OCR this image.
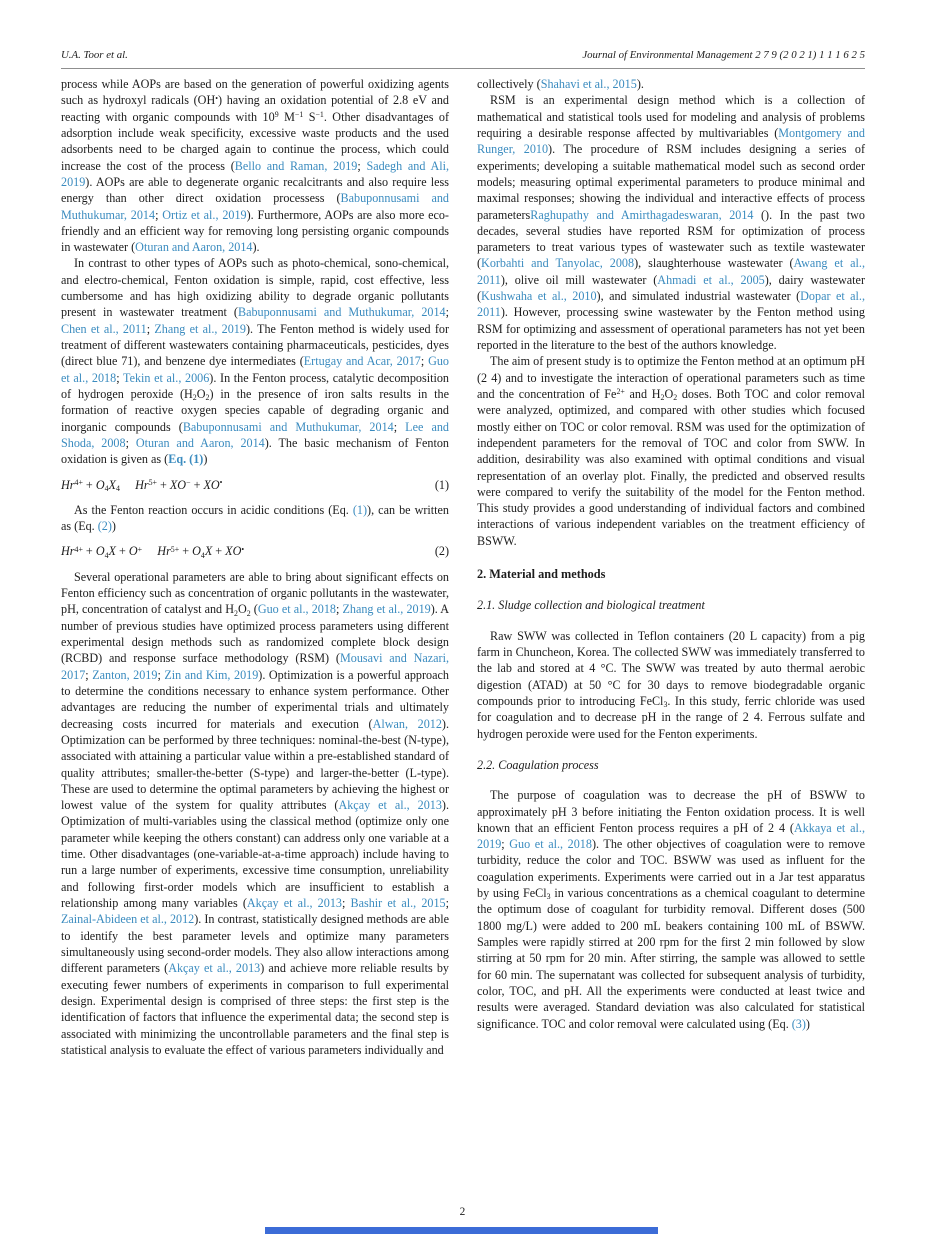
U.A. Toor et al.	Journal of Environmental Management 2 7 9 (2 0 2 1) 1 1 1 6 2 5

process while AOPs are based on the generation of powerful oxidizing agents such as hydroxyl radicals (OH•) having an oxidation potential of 2.8 eV and reacting with organic compounds with $10^9$ $M^{-1}$ $S^{-1}$. Other disadvantages of adsorption include weak specificity, excessive waste products and the used adsorbents need to be charged again to continue the process, which could increase the cost of the process (Bello and Raman, 2019; Sadegh and Ali, 2019). AOPs are able to degenerate organic recalcitrants and also require less energy than other direct oxidation processess (Babuponnusami and Muthukumar, 2014; Ortiz et al., 2019). Furthermore, AOPs are also more eco-friendly and an efficient way for removing long persisting organic compounds in wastewater (Oturan and Aaron, 2014).

In contrast to other types of AOPs such as photo-chemical, sono-chemical, and electro-chemical, Fenton oxidation is simple, rapid, cost effective, less cumbersome and has high oxidizing ability to degrade organic pollutants present in wastewater treatment (Babuponnusami and Muthukumar, 2014; Chen et al., 2011; Zhang et al., 2019). The Fenton method is widely used for treatment of different wastewaters containing pharmaceuticals, pesticides, dyes (direct blue 71), and benzene dye intermediates (Ertugay and Acar, 2017; Guo et al., 2018; Tekin et al., 2006). In the Fenton process, catalytic decomposition of hydrogen peroxide (H2O2) in the presence of iron salts results in the formation of reactive oxygen species capable of degrading organic and inorganic compounds (Babuponnusami and Muthukumar, 2014; Lee and Shoda, 2008; Oturan and Aaron, 2014). The basic mechanism of Fenton oxidation is given as (Eq. (1))

$Hr^{4+} + O4X4$ $Hr^{5+} + XO^- + XO^•$	(1)

As the Fenton reaction occurs in acidic conditions (Eq. (1)), can be written as (Eq. (2))

$Hr^{4+} + O4X + O^+$ $Hr^{5+} + O4X + XO^•$	(2)

Several operational parameters are able to bring about significant effects on Fenton efficiency such as concentration of organic pollutants in the wastewater, pH, concentration of catalyst and H2O2 (Guo et al., 2018; Zhang et al., 2019). A number of previous studies have optimized process parameters using different experimental design methods such as randomized complete block design (RCBD) and response surface methodology (RSM) (Mousavi and Nazari, 2017; Zanton, 2019; Zin and Kim, 2019). Optimization is a powerful approach to determine the conditions necessary to enhance system performance. Other advantages are reducing the number of experimental trials and ultimately decreasing costs incurred for materials and execution (Alwan, 2012). Optimization can be performed by three techniques: nominal-the-best (N-type), associated with attaining a particular value within a pre-established standard of quality attributes; smaller-the-better (S-type) and larger-the-better (L-type). These are used to determine the optimal parameters by achieving the highest or lowest value of the system for quality attributes (Akçay et al., 2013). Optimization of multi-variables using the classical method (optimize only one parameter while keeping the others constant) can address only one variable at a time. Other disadvantages (one-variable-at-a-time approach) include having to run a large number of experiments, excessive time consumption, unreliability and following first-order models which are insufficient to establish a relationship among many variables (Akçay et al., 2013; Bashir et al., 2015; Zainal-Abideen et al., 2012). In contrast, statistically designed methods are able to identify the best parameter levels and optimize many parameters simultaneously using second-order models. They also allow interactions among different parameters (Akçay et al., 2013) and achieve more reliable results by executing fewer numbers of experiments in comparison to full experimental design. Experimental design is comprised of three steps: the first step is the identification of factors that influence the experimental data; the second step is associated with minimizing the uncontrollable parameters and the final step is statistical analysis to evaluate the effect of various parameters individually and

collectively (Shahavi et al., 2015).

RSM is an experimental design method which is a collection of mathematical and statistical tools used for modeling and analysis of problems requiring a desirable response affected by multivariables (Montgomery and Runger, 2010). The procedure of RSM includes designing a series of experiments; developing a suitable mathematical model such as second order models; measuring optimal experimental parameters to produce minimal and maximal responses; showing the individual and interactive effects of process parametersRaghupathy and Amirthagadeswaran, 2014 (). In the past two decades, several studies have reported RSM for optimization of process parameters to treat various types of wastewater such as textile wastewater (Korbahti and Tanyolac, 2008), slaughterhouse wastewater (Awang et al., 2011), olive oil mill wastewater (Ahmadi et al., 2005), dairy wastewater (Kushwaha et al., 2010), and simulated industrial wastewater (Dopar et al., 2011). However, processing swine wastewater by the Fenton method using RSM for optimizing and assessment of operational parameters has not yet been reported in the literature to the best of the authors knowledge.

The aim of present study is to optimize the Fenton method at an optimum pH (2 4) and to investigate the interaction of operational parameters such as time and the concentration of $Fe^{2+}$ and H2O2 doses. Both TOC and color removal were analyzed, optimized, and compared with other studies which focused mostly either on TOC or color removal. RSM was used for the optimization of independent parameters for the removal of TOC and color from SWW. In addition, desirability was also examined with optimal conditions and visual representation of an overlay plot. Finally, the predicted and observed results were compared to verify the suitability of the model for the Fenton method. This study provides a good understanding of individual factors and combined interactions of various independent variables on the treatment efficiency of BSWW.

2. Material and methods
2.1. Sludge collection and biological treatment

Raw SWW was collected in Teflon containers (20 L capacity) from a pig farm in Chuncheon, Korea. The collected SWW was immediately transferred to the lab and stored at 4 °C. The SWW was treated by auto thermal aerobic digestion (ATAD) at 50 °C for 30 days to remove biodegradable organic compounds prior to introducing FeCl3. In this study, ferric chloride was used for coagulation and to decrease pH in the range of 2 4. Ferrous sulfate and hydrogen peroxide were used for the Fenton experiments.

2.2. Coagulation process

The purpose of coagulation was to decrease the pH of BSWW to approximately pH 3 before initiating the Fenton oxidation process. It is well known that an efficient Fenton process requires a pH of 2 4 (Akkaya et al., 2019; Guo et al., 2018). The other objectives of coagulation were to remove turbidity, reduce the color and TOC. BSWW was used as influent for the coagulation experiments. Experiments were carried out in a Jar test apparatus by using FeCl3 in various concentrations as a chemical coagulant to determine the optimum dose of coagulant for turbidity removal. Different doses (500 1800 mg/L) were added to 200 mL beakers containing 100 mL of BSWW. Samples were rapidly stirred at 200 rpm for the first 2 min followed by slow stirring at 50 rpm for 20 min. After stirring, the sample was allowed to settle for 60 min. The supernatant was collected for subsequent analysis of turbidity, color, TOC, and pH. All the experiments were conducted at least twice and results were averaged. Standard deviation was also calculated for statistical significance. TOC and color removal were calculated using (Eq. (3))

2
